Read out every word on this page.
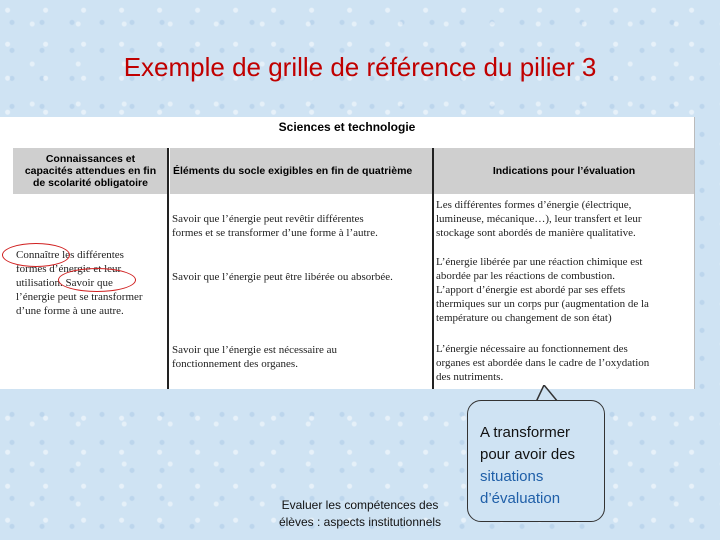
Exemple de grille de référence du pilier 3
Sciences et technologie
Connaissances et
capacités attendues en fin
de scolarité obligatoire
Éléments du socle exigibles en fin de quatrième	Indications pour l’évaluation
Connaître les différentes
formes d’énergie et leur
utilisation. Savoir que
l’énergie peut se transformer
d’une forme à une autre.
Savoir que l’énergie peut revêtir différentes
formes et se transformer d’une forme à l’autre.
Savoir que l’énergie peut être libérée ou absorbée.
Savoir que l’énergie est nécessaire au
fonctionnement des organes.
Les différentes formes d’énergie (électrique,
lumineuse, mécanique…), leur transfert et leur
stockage sont abordés de manière qualitative.
L’énergie libérée par une réaction chimique est
abordée par les réactions de combustion.
L’apport d’énergie est abordé par ses effets
thermiques sur un corps pur (augmentation de la
température ou changement de son état)
L’énergie nécessaire au fonctionnement des
organes est abordée dans le cadre de l’oxydation
des nutriments.
Evaluer les compétences des
élèves : aspects institutionnels
A transformer
pour avoir des
situations
d’évaluation
